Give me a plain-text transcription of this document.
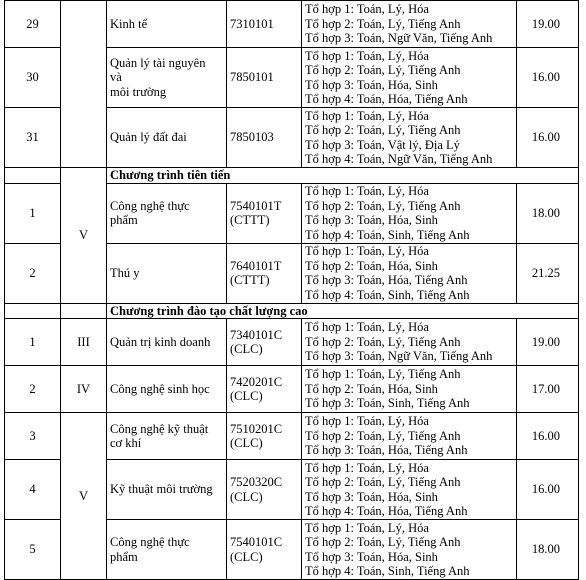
29		Kinh tế	7310101	Tổ hợp 1: Toán, Lý, Hóa
Tổ hợp 2: Toán, Lý, Tiếng Anh
Tổ hợp 3: Toán, Ngữ Văn, Tiếng Anh	19.00
30		Quản lý tài nguyên
và
môi trường	7850101	Tổ hợp 1: Toán, Lý, Hóa
Tổ hợp 2: Toán, Lý, Tiếng Anh
Tổ hợp 3: Toán, Hóa, Sinh
Tổ hợp 4: Toán, Hóa, Tiếng Anh	16.00
31		Quản lý đất đai	7850103	Tổ hợp 1: Toán, Lý, Hóa
Tổ hợp 2: Toán, Lý, Tiếng Anh
Tổ hợp 3: Toán, Vật lý, Địa Lý
Tổ hợp 4: Toán, Ngữ Văn, Tiếng Anh	16.00
	V	Chương trình tiên tiến			
1		Công nghệ thực
phẩm	7540101T
(CTTT)	Tổ hợp 1: Toán, Lý, Hóa
Tổ hợp 2: Toán, Lý, Tiếng Anh
Tổ hợp 3: Toán, Hóa, Sinh
Tổ hợp 4: Toán, Sinh, Tiếng Anh	18.00
2		Thú y	7640101T
(CTTT)	Tổ hợp 1: Toán, Lý, Hóa
Tổ hợp 2: Toán, Hóa, Sinh
Tổ hợp 3: Toán, Hóa, Tiếng Anh
Tổ hợp 4: Toán, Sinh, Tiếng Anh	21.25
		Chương trình đào tạo chất lượng cao			
1	III	Quản trị kinh doanh	7340101C
(CLC)	Tổ hợp 1: Toán, Lý, Hóa
Tổ hợp 2: Toán, Lý, Tiếng Anh
Tổ hợp 3: Toán, Ngữ Văn, Tiếng Anh	19.00
2	IV	Công nghệ sinh học	7420201C
(CLC)	Tổ hợp 1: Toán, Lý, Tiếng Anh
Tổ hợp 2: Toán, Hóa, Sinh
Tổ hợp 3: Toán, Sinh, Tiếng Anh	17.00
3	V	Công nghệ kỹ thuật
cơ khí	7510201C
(CLC)	Tổ hợp 1: Toán, Lý, Hóa
Tổ hợp 2: Toán, Lý, Tiếng Anh
Tổ hợp 3: Toán, Hóa, Tiếng Anh	16.00
4		Kỹ thuật môi trường	7520320C
(CLC)	Tổ hợp 1: Toán, Lý, Hóa
Tổ hợp 2: Toán, Lý, Tiếng Anh
Tổ hợp 3: Toán, Hóa, Sinh
Tổ hợp 4: Toán, Hóa, Tiếng Anh	16.00
5		Công nghệ thực
phẩm	7540101C
(CLC)	Tổ hợp 1: Toán, Lý, Hóa
Tổ hợp 2: Toán, Lý, Tiếng Anh
Tổ hợp 3: Toán, Hóa, Sinh
Tổ hợp 4: Toán, Sinh, Tiếng Anh	18.00
